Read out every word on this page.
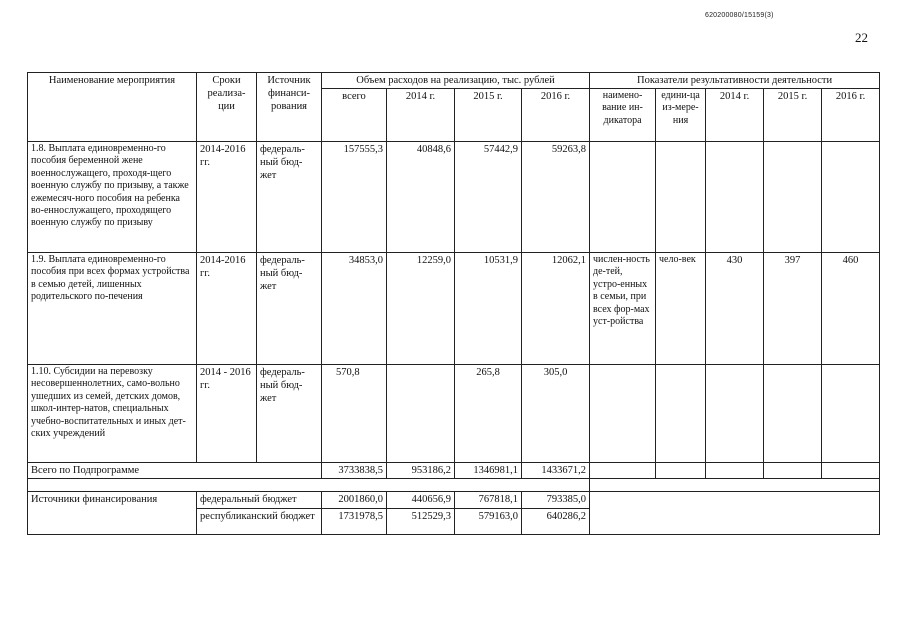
620200080/15159(3)
22
Наименование мероприятия	Сроки реализа-ции	Источник финанси-рования	Объем расходов на реализацию, тыс. рублей				Показатели результативности деятельности				
			всего	2014 г.	2015 г.	2016 г.	наимено-вание ин-дикатора	едини-ца из-мере-ния	2014 г.	2015 г.	2016 г.
1.8. Выплата единовременно-го пособия беременной жене военнослужащего, проходя-щего военную службу по призыву, а также ежемесяч-ного пособия на ребенка во-еннослужащего, проходящего военную службу по призыву	2014-2016 гг.	федераль-ный бюд-жет	157555,3	40848,6	57442,9	59263,8					
1.9. Выплата единовременно-го пособия при всех формах устройства в семью детей, лишенных родительского по-печения	2014-2016 гг.	федераль-ный бюд-жет	34853,0	12259,0	10531,9	12062,1	числен-ность де-тей, устро-енных в семьи, при всех фор-мах уст-ройства	чело-век	430	397	460
1.10. Субсидии на перевозку несовершеннолетних, само-вольно ушедших из семей, детских домов, школ-интер-натов, специальных учебно-воспитательных и иных дет-ских учреждений	2014 - 2016 гг.	федераль-ный бюд-жет	570,8		265,8	305,0					
Всего по Подпрограмме			3733838,5	953186,2	1346981,1	1433671,2					

Источники финансирования	федеральный бюджет		2001860,0	440656,9	767818,1	793385,0					
	республиканский бюджет		1731978,5	512529,3	579163,0	640286,2					
